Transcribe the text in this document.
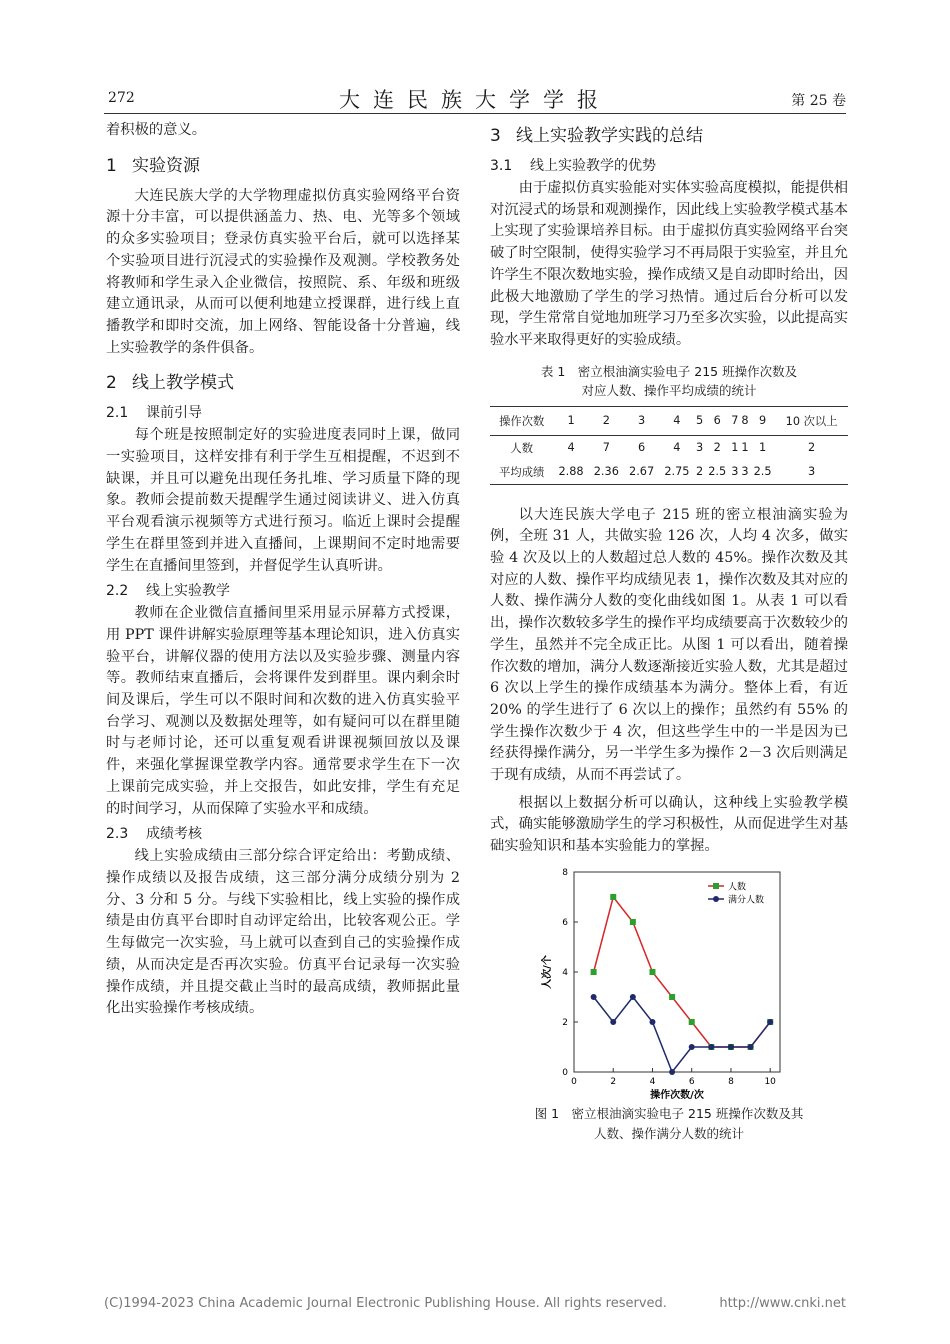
272	大连民族大学学报	第 25 卷

着积极的意义。

1 实验资源

大连民族大学的大学物理虚拟仿真实验网络平台资源十分丰富，可以提供涵盖力、热、电、光等多个领域的众多实验项目；登录仿真实验平台后，就可以选择某个实验项目进行沉浸式的实验操作及观测。学校教务处将教师和学生录入企业微信，按照院、系、年级和班级建立通讯录，从而可以便利地建立授课群，进行线上直播教学和即时交流，加上网络、智能设备十分普遍，线上实验教学的条件俱备。

2 线上教学模式
2.1 课前引导

每个班是按照制定好的实验进度表同时上课，做同一实验项目，这样安排有利于学生互相提醒，不迟到不缺课，并且可以避免出现任务扎堆、学习质量下降的现象。教师会提前数天提醒学生通过阅读讲义、进入仿真平台观看演示视频等方式进行预习。临近上课时会提醒学生在群里签到并进入直播间，上课期间不定时地需要学生在直播间里签到，并督促学生认真听讲。

2.2 线上实验教学

教师在企业微信直播间里采用显示屏幕方式授课，用 PPT 课件讲解实验原理等基本理论知识，进入仿真实验平台，讲解仪器的使用方法以及实验步骤、测量内容等。教师结束直播后，会将课件发到群里。课内剩余时间及课后，学生可以不限时间和次数的进入仿真实验平台学习、观测以及数据处理等，如有疑问可以在群里随时与老师讨论，还可以重复观看讲课视频回放以及课件，来强化掌握课堂教学内容。通常要求学生在下一次上课前完成实验，并上交报告，如此安排，学生有充足的时间学习，从而保障了实验水平和成绩。

2.3 成绩考核

线上实验成绩由三部分综合评定给出：考勤成绩、操作成绩以及报告成绩，这三部分满分成绩分别为 2 分、3 分和 5 分。与线下实验相比，线上实验的操作成绩是由仿真平台即时自动评定给出，比较客观公正。学生每做完一次实验，马上就可以查到自己的实验操作成绩，从而决定是否再次实验。仿真平台记录每一次实验操作成绩，并且提交截止当时的最高成绩，教师据此量化出实验操作考核成绩。

3 线上实验教学实践的总结
3.1 线上实验教学的优势

由于虚拟仿真实验能对实体实验高度模拟，能提供相对沉浸式的场景和观测操作，因此线上实验教学模式基本上实现了实验课培养目标。由于虚拟仿真实验网络平台突破了时空限制，使得实验学习不再局限于实验室，并且允许学生不限次数地实验，操作成绩又是自动即时给出，因此极大地激励了学生的学习热情。通过后台分析可以发现，学生常常自觉地加班学习乃至多次实验，以此提高实验水平来取得更好的实验成绩。

表 1　密立根油滴实验电子 215 班操作次数及
对应人数、操作平均成绩的统计
操作次数	1	2	3	4	5	6	7	8	9	10 次以上
人数	4	7	6	4	3	2	1	1	1	2
平均成绩	2.88	2.36	2.67	2.75	2	2.5	3	3	2.5	3

以大连民族大学电子 215 班的密立根油滴实验为例，全班 31 人，共做实验 126 次，人均 4 次多，做实验 4 次及以上的人数超过总人数的 45%。操作次数及其对应的人数、操作平均成绩见表 1，操作次数及其对应的人数、操作满分人数的变化曲线如图 1。从表 1 可以看出，操作次数较多学生的操作平均成绩要高于次数较少的学生，虽然并不完全成正比。从图 1 可以看出，随着操作次数的增加，满分人数逐渐接近实验人数，尤其是超过 6 次以上学生的操作成绩基本为满分。整体上看，有近 20% 的学生进行了 6 次以上的操作；虽然约有 55% 的学生操作次数少于 4 次，但这些学生中的一半是因为已经获得操作满分，另一半学生多为操作 2－3 次后则满足于现有成绩，从而不再尝试了。

根据以上数据分析可以确认，这种线上实验教学模式，确实能够激励学生的学习积极性，从而促进学生对基础实验知识和基本实验能力的掌握。

0	2	4	6	8	10
0
2
4
6
8
人数
满分人数
操作次数/次
人次/个
图 1　密立根油滴实验电子 215 班操作次数及其
人数、操作满分人数的统计
(C)1994-2023 China Academic Journal Electronic Publishing House. All rights reserved.	http://www.cnki.net
